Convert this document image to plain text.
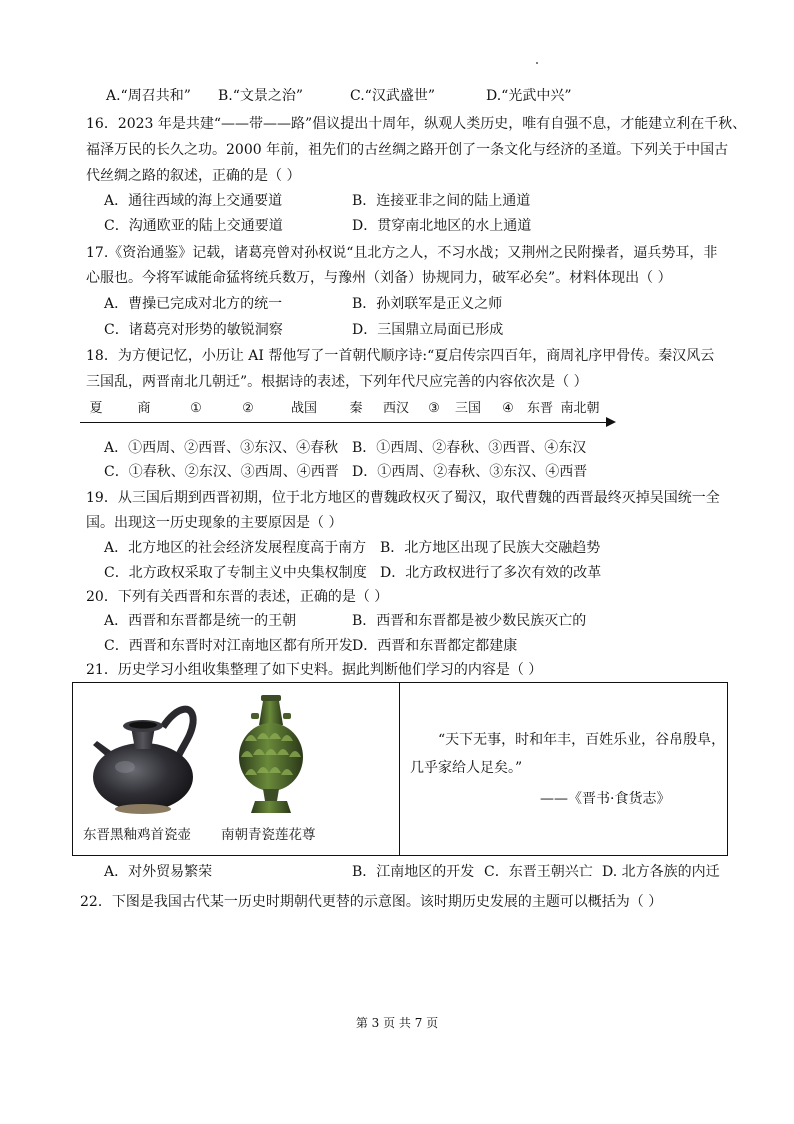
A.“周召共和” B.“文景之治”	C.“汉武盛世”	D.“光武中兴”
16．2023 年是共建“——带——路”倡议提出十周年，纵观人类历史，唯有自强不息，才能建立利在千秋、
福泽万民的长久之功。2000 年前，祖先们的古丝绸之路开创了一条文化与经济的圣道。下列关于中国古
代丝绸之路的叙述，正确的是（ ）
A．通往西域的海上交通要道	B．连接亚非之间的陆上通道
C．沟通欧亚的陆上交通要道	D．贯穿南北地区的水上通道
17.《资治通鉴》记载，诸葛亮曾对孙权说“且北方之人，不习水战；又荆州之民附操者，逼兵势耳，非
心服也。今将军诚能命猛将统兵数万，与豫州（刘备）协规同力，破军必矣”。材料体现出（ ）
A．曹操已完成对北方的统一	B．孙刘联军是正义之师
C．诸葛亮对形势的敏锐洞察	D．三国鼎立局面已形成
18．为方便记忆，小历让 AI 帮他写了一首朝代顺序诗:“夏启传宗四百年，商周礼序甲骨传。秦汉风云
三国乱，两晋南北几朝迁”。根据诗的表述，下列年代尺应完善的内容依次是（ ）
夏	商	①	②	战国 秦 西汉 ③ 三国 ④ 东晋 南北朝
A．①西周、②西晋、③东汉、④春秋 B．①西周、②春秋、③西晋、④东汉
C．①春秋、②东汉、③西周、④西晋 D．①西周、②春秋、③东汉、④西晋
19．从三国后期到西晋初期，位于北方地区的曹魏政权灭了蜀汉，取代曹魏的西晋最终灭掉吴国统一全
国。出现这一历史现象的主要原因是（ ）
A．北方地区的社会经济发展程度高于南方 B．北方地区出现了民族大交融趋势
C．北方政权采取了专制主义中央集权制度 D．北方政权进行了多次有效的改革
20．下列有关西晋和东晋的表述，正确的是（ ）
A．西晋和东晋都是统一的王朝	B．西晋和东晋都是被少数民族灭亡的
C．西晋和东晋时对江南地区都有所开发 D．西晋和东晋都定都建康
21．历史学习小组收集整理了如下史料。据此判断他们学习的内容是（ ）
东晋黑釉鸡首瓷壶 南朝青瓷莲花尊
“天下无事，时和年丰，百姓乐业，谷帛殷阜，
几乎家给人足矣。”
——《晋书·食货志》
A．对外贸易繁荣	B．江南地区的开发 C．东晋王朝兴亡 D. 北方各族的内迁
22．下图是我国古代某一历史时期朝代更替的示意图。该时期历史发展的主题可以概括为（ ）
第 3 页 共 7 页
